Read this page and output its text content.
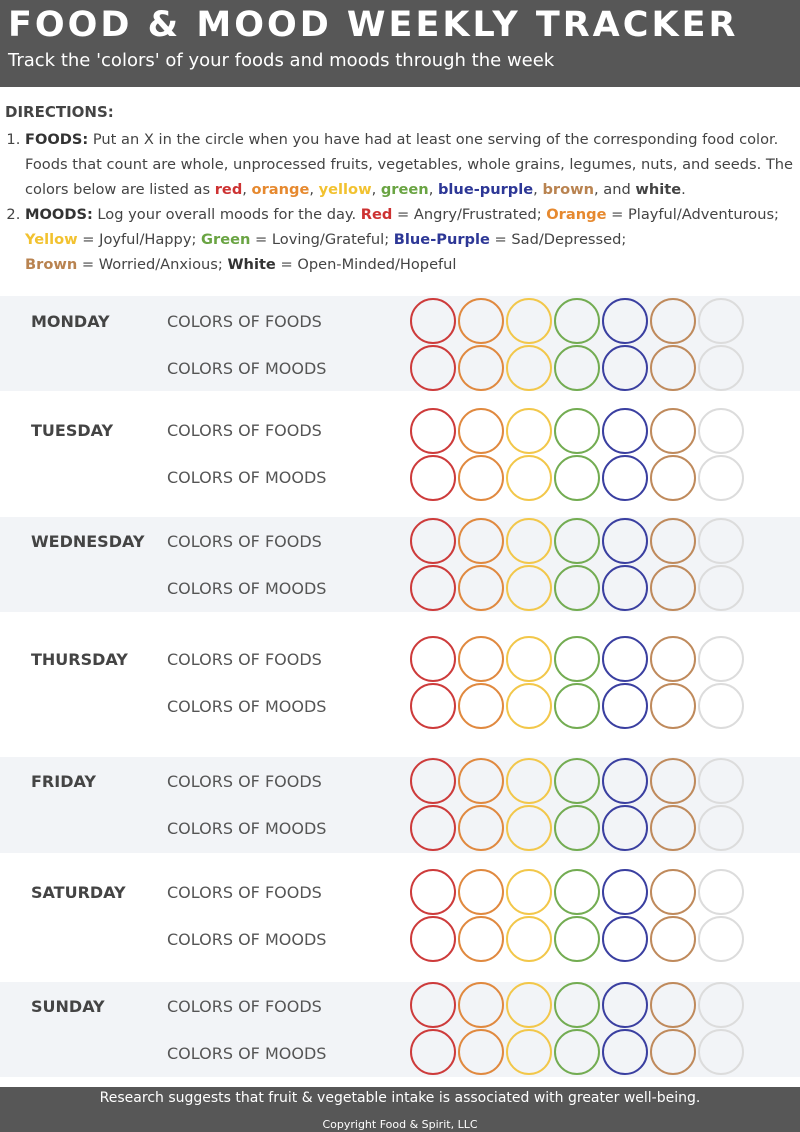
FOOD & MOOD WEEKLY TRACKER
Track the 'colors' of your foods and moods through the week
DIRECTIONS:
1. FOODS: Put an X in the circle when you have had at least one serving of the corresponding food color. Foods that count are whole, unprocessed fruits, vegetables, whole grains, legumes, nuts, and seeds. The colors below are listed as red, orange, yellow, green, blue-purple, brown, and white.
2. MOODS: Log your overall moods for the day. Red = Angry/Frustrated; Orange = Playful/Adventurous;
Yellow = Joyful/Happy; Green = Loving/Grateful; Blue-Purple = Sad/Depressed;
Brown = Worried/Anxious; White = Open-Minded/Hopeful
MONDAY	COLORS OF FOODS
COLORS OF MOODS
TUESDAY	COLORS OF FOODS
COLORS OF MOODS
WEDNESDAY COLORS OF FOODS
COLORS OF MOODS
THURSDAY COLORS OF FOODS
COLORS OF MOODS
FRIDAY	COLORS OF FOODS
COLORS OF MOODS
SATURDAY	COLORS OF FOODS
COLORS OF MOODS
SUNDAY	COLORS OF FOODS
COLORS OF MOODS
Research suggests that fruit & vegetable intake is associated with greater well-being.
Copyright Food & Spirit, LLC
